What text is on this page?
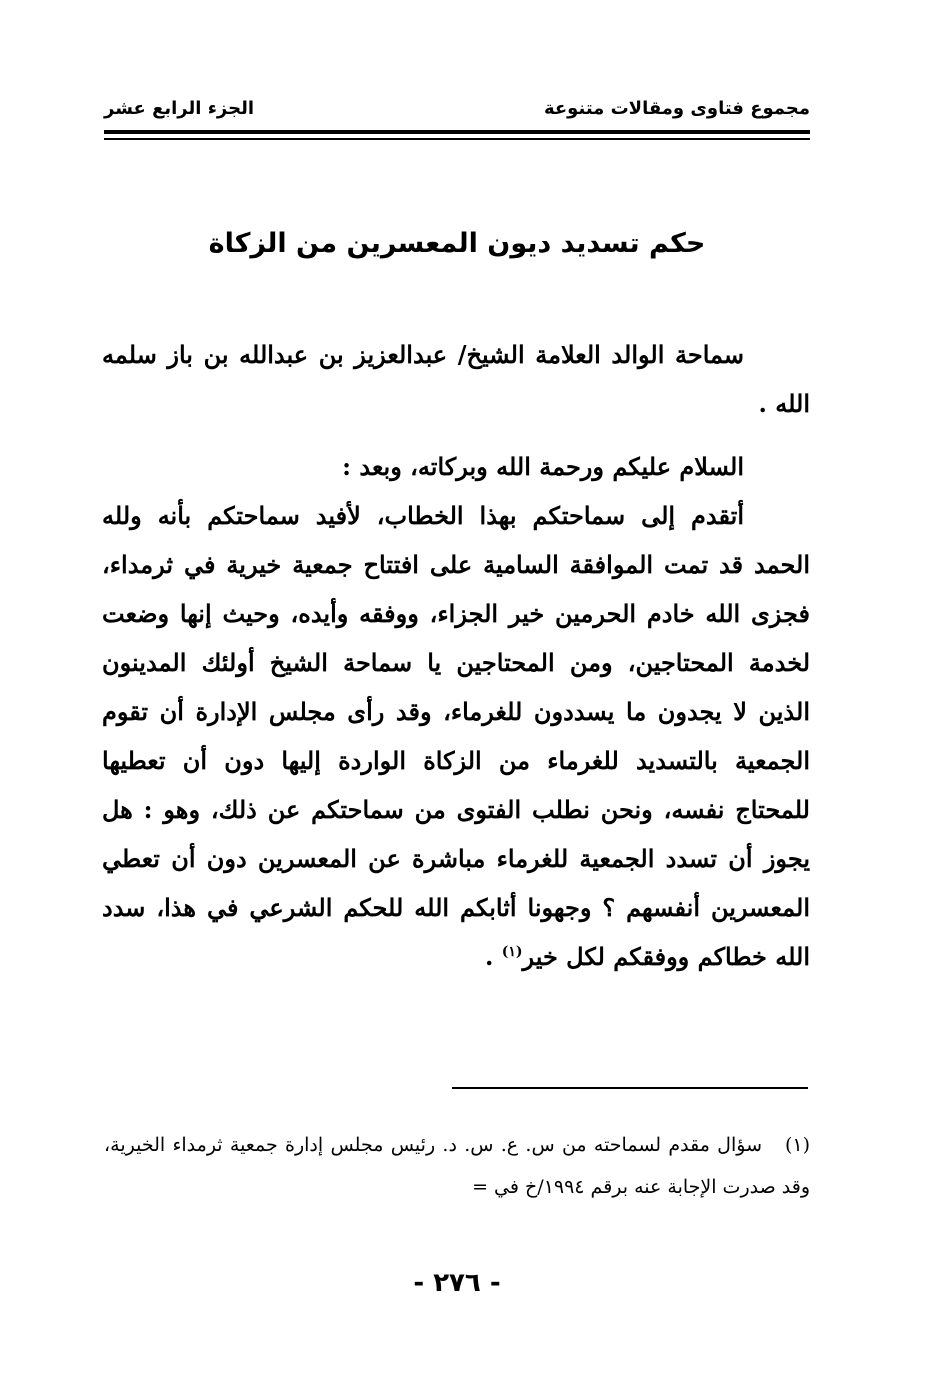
مجموع فتاوى ومقالات متنوعة
الجزء الرابع عشر
حكم تسديد ديون المعسرين من الزكاة

سماحة الوالد العلامة الشيخ/ عبدالعزيز بن عبدالله بن باز سلمه الله .

السلام عليكم ورحمة الله وبركاته، وبعد :

أتقدم إلى سماحتكم بهذا الخطاب، لأفيد سماحتكم بأنه ولله الحمد قد تمت الموافقة السامية على افتتاح جمعية خيرية في ثرمداء، فجزى الله خادم الحرمين خير الجزاء، ووفقه وأيده، وحيث إنها وضعت لخدمة المحتاجين، ومن المحتاجين يا سماحة الشيخ أولئك المدينون الذين لا يجدون ما يسددون للغرماء، وقد رأى مجلس الإدارة أن تقوم الجمعية بالتسديد للغرماء من الزكاة الواردة إليها دون أن تعطيها للمحتاج نفسه، ونحن نطلب الفتوى من سماحتكم عن ذلك، وهو : هل يجوز أن تسدد الجمعية للغرماء مباشرة عن المعسرين دون أن تعطي المعسرين أنفسهم ؟ وجهونا أثابكم الله للحكم الشرعي في هذا، سدد الله خطاكم ووفقكم لكل خير$^{(١)}$ .

(١)سؤال مقدم لسماحته من س. ع. س. د. رئيس مجلس إدارة جمعية ثرمداء الخيرية، وقد صدرت الإجابة عنه برقم ١٩٩٤/خ في =
- ٢٧٦ -
